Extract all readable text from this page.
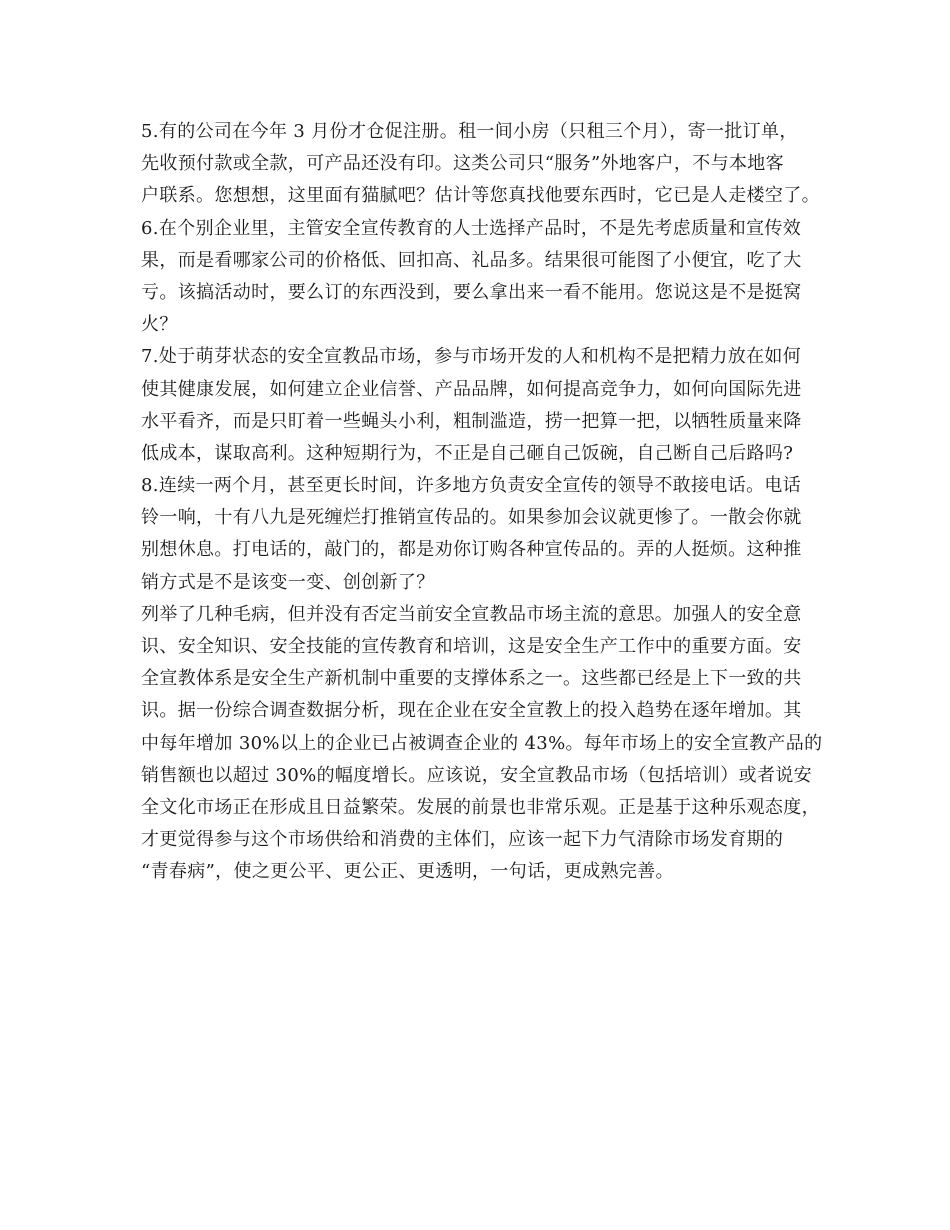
5.有的公司在今年 3 月份才仓促注册。租一间小房（只租三个月），寄一批订单，
先收预付款或全款，可产品还没有印。这类公司只“服务”外地客户，不与本地客
户联系。您想想，这里面有猫腻吧？估计等您真找他要东西时，它已是人走楼空了。
6.在个别企业里，主管安全宣传教育的人士选择产品时，不是先考虑质量和宣传效
果，而是看哪家公司的价格低、回扣高、礼品多。结果很可能图了小便宜，吃了大
亏。该搞活动时，要么订的东西没到，要么拿出来一看不能用。您说这是不是挺窝
火？
7.处于萌芽状态的安全宣教品市场，参与市场开发的人和机构不是把精力放在如何
使其健康发展，如何建立企业信誉、产品品牌，如何提高竞争力，如何向国际先进
水平看齐，而是只盯着一些蝇头小利，粗制滥造，捞一把算一把，以牺牲质量来降
低成本，谋取高利。这种短期行为，不正是自己砸自己饭碗，自己断自己后路吗?
8.连续一两个月，甚至更长时间，许多地方负责安全宣传的领导不敢接电话。电话
铃一响，十有八九是死缠烂打推销宣传品的。如果参加会议就更惨了。一散会你就
别想休息。打电话的，敲门的，都是劝你订购各种宣传品的。弄的人挺烦。这种推
销方式是不是该变一变、创创新了？
列举了几种毛病，但并没有否定当前安全宣教品市场主流的意思。加强人的安全意
识、安全知识、安全技能的宣传教育和培训，这是安全生产工作中的重要方面。安
全宣教体系是安全生产新机制中重要的支撑体系之一。这些都已经是上下一致的共
识。据一份综合调查数据分析，现在企业在安全宣教上的投入趋势在逐年增加。其
中每年增加 30%以上的企业已占被调查企业的 43%。每年市场上的安全宣教产品的
销售额也以超过 30%的幅度增长。应该说，安全宣教品市场（包括培训）或者说安
全文化市场正在形成且日益繁荣。发展的前景也非常乐观。正是基于这种乐观态度，
才更觉得参与这个市场供给和消费的主体们，应该一起下力气清除市场发育期的
“青春病”，使之更公平、更公正、更透明，一句话，更成熟完善。
